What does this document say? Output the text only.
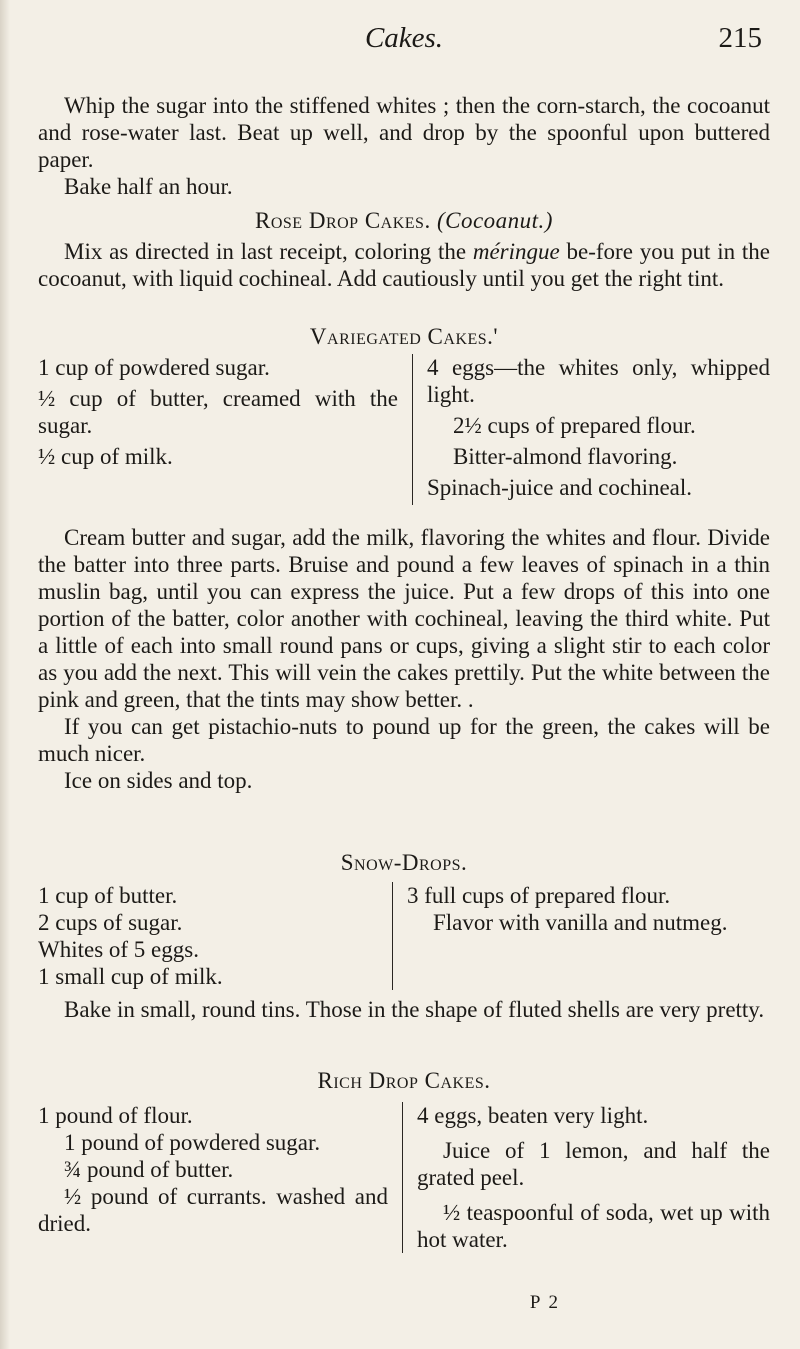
Cakes.	215

Whip the sugar into the stiffened whites ; then the corn-starch, the cocoanut and rose-water last. Beat up well, and drop by the spoonful upon buttered paper.

Bake half an hour.

Rose Drop Cakes. (Cocoanut.)

Mix as directed in last receipt, coloring the méringue be-fore you put in the cocoanut, with liquid cochineal. Add cautiously until you get the right tint.

Variegated Cakes.'

1 cup of powdered sugar.

½ cup of butter, creamed with the sugar.

½ cup of milk.

4 eggs—the whites only, whipped light.

2½ cups of prepared flour.

Bitter-almond flavoring.

Spinach-juice and cochineal.

Cream butter and sugar, add the milk, flavoring the whites and flour. Divide the batter into three parts. Bruise and pound a few leaves of spinach in a thin muslin bag, until you can express the juice. Put a few drops of this into one portion of the batter, color another with cochineal, leaving the third white. Put a little of each into small round pans or cups, giving a slight stir to each color as you add the next. This will vein the cakes prettily. Put the white between the pink and green, that the tints may show better. .

If you can get pistachio-nuts to pound up for the green, the cakes will be much nicer.

Ice on sides and top.

Snow-Drops.

1 cup of butter.

2 cups of sugar.

Whites of 5 eggs.

1 small cup of milk.

3 full cups of prepared flour.

Flavor with vanilla and nutmeg.

Bake in small, round tins. Those in the shape of fluted shells are very pretty.

Rich Drop Cakes.

1 pound of flour.

1 pound of powdered sugar.

¾ pound of butter.

½ pound of currants. washed and dried.

4 eggs, beaten very light.

Juice of 1 lemon, and half the grated peel.

½ teaspoonful of soda, wet up with hot water.

P 2
